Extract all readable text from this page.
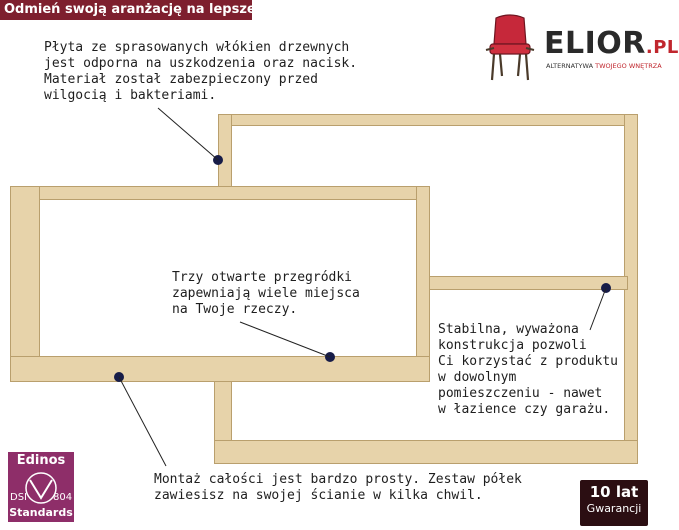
Odmień swoją aranżację na lepsze!
ELIOR.PL
ALTERNATYWA TWOJEGO WNĘTRZA
Płyta ze sprasowanych włókien drzewnych
jest odporna na uszkodzenia oraz nacisk.
Materiał został zabezpieczony przed
wilgocią i bakteriami.
Trzy otwarte przegródki
zapewniają wiele miejsca
na Twoje rzeczy.
Stabilna, wyważona
konstrukcja pozwoli
Ci korzystać z produktu
w dowolnym
pomieszczeniu - nawet
w łazience czy garażu.
Montaż całości jest bardzo prosty. Zestaw półek
zawiesisz na swojej ścianie w kilka chwil.
Edinos
DSI	804
Standards
10 lat
Gwarancji
